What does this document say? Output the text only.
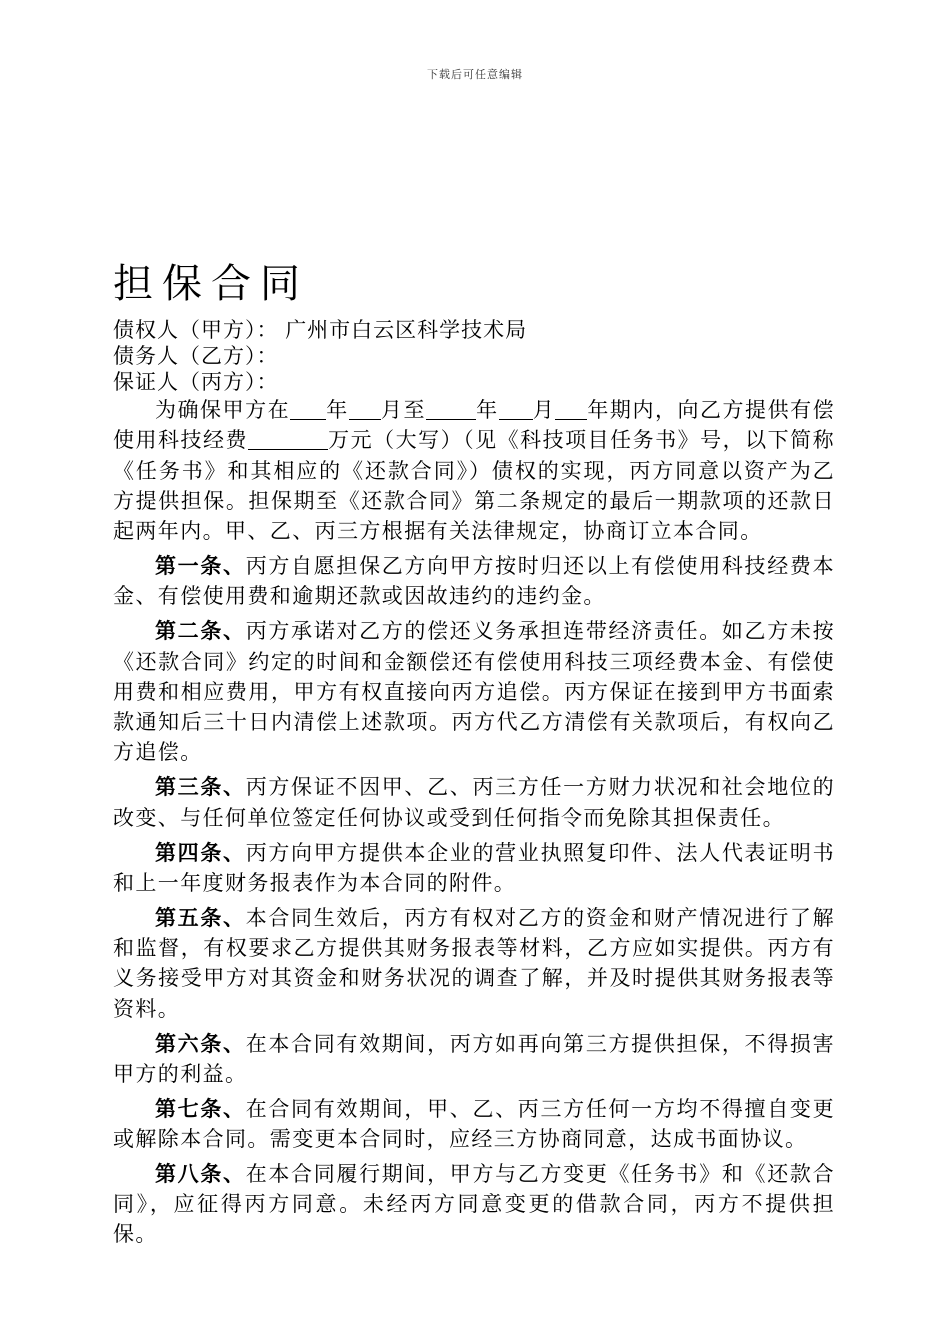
下载后可任意编辑
担保合同
债权人（甲方）： 广州市白云区科学技术局
债务人（乙方）：
保证人（丙方）：

为确保甲方在 年 月至 年 月 年期内，向乙方提供有偿使用科技经费	万元（大写）（见《科技项目任务书》号，以下简称《任务书》和其相应的《还款合同》）债权的实现，丙方同意以资产为乙方提供担保。担保期至《还款合同》第二条规定的最后一期款项的还款日起两年内。甲、乙、丙三方根据有关法律规定，协商订立本合同。

第一条、丙方自愿担保乙方向甲方按时归还以上有偿使用科技经费本金、有偿使用费和逾期还款或因故违约的违约金。

第二条、丙方承诺对乙方的偿还义务承担连带经济责任。如乙方未按《还款合同》约定的时间和金额偿还有偿使用科技三项经费本金、有偿使用费和相应费用，甲方有权直接向丙方追偿。丙方保证在接到甲方书面索款通知后三十日内清偿上述款项。丙方代乙方清偿有关款项后，有权向乙方追偿。

第三条、丙方保证不因甲、乙、丙三方任一方财力状况和社会地位的改变、与任何单位签定任何协议或受到任何指令而免除其担保责任。

第四条、丙方向甲方提供本企业的营业执照复印件、法人代表证明书和上一年度财务报表作为本合同的附件。

第五条、本合同生效后，丙方有权对乙方的资金和财产情况进行了解和监督，有权要求乙方提供其财务报表等材料，乙方应如实提供。丙方有义务接受甲方对其资金和财务状况的调查了解，并及时提供其财务报表等资料。

第六条、在本合同有效期间，丙方如再向第三方提供担保，不得损害甲方的利益。

第七条、在合同有效期间，甲、乙、丙三方任何一方均不得擅自变更或解除本合同。需变更本合同时，应经三方协商同意，达成书面协议。

第八条、在本合同履行期间，甲方与乙方变更《任务书》和《还款合同》，应征得丙方同意。未经丙方同意变更的借款合同，丙方不提供担保。
